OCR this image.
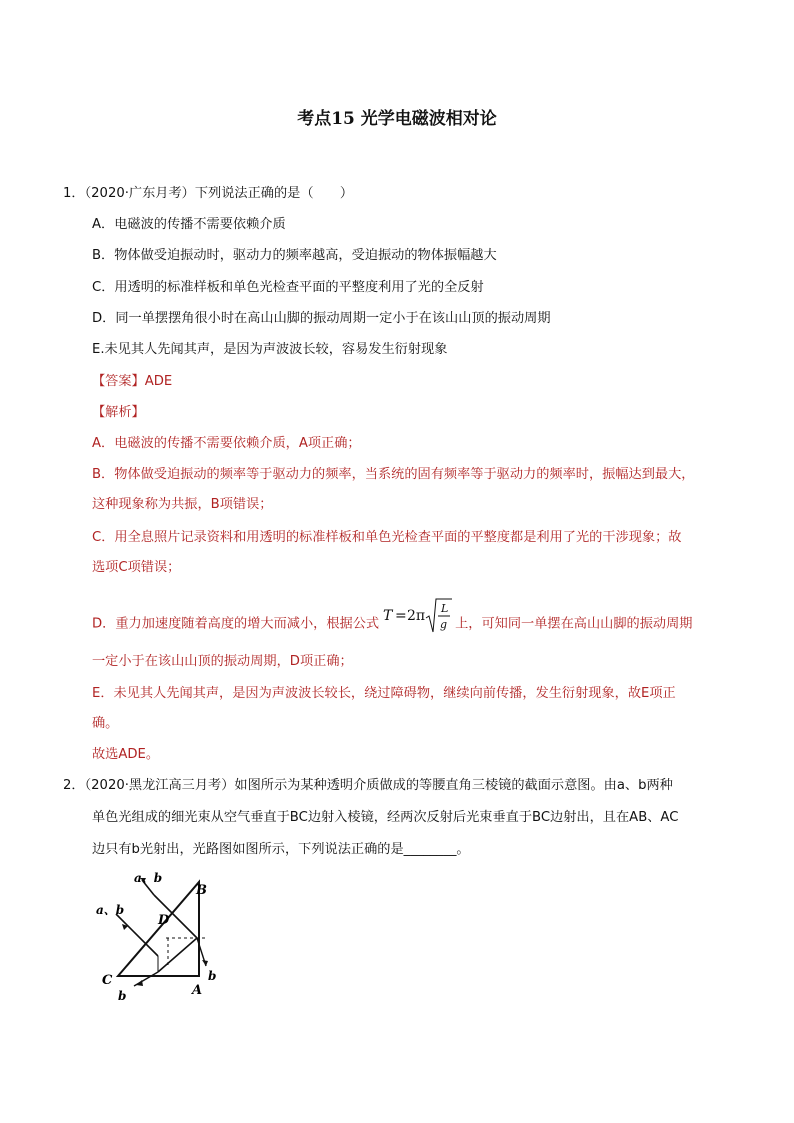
考点15 光学电磁波相对论
1．（2020·广东月考）下列说法正确的是（　　）
A．电磁波的传播不需要依赖介质
B．物体做受迫振动时，驱动力的频率越高，受迫振动的物体振幅越大
C．用透明的标准样板和单色光检查平面的平整度利用了光的全反射
D．同一单摆摆角很小时在高山山脚的振动周期一定小于在该山山顶的振动周期
E.未见其人先闻其声，是因为声波波长较，容易发生衍射现象
【答案】ADE
【解析】
A．电磁波的传播不需要依赖介质，A项正确；
B．物体做受迫振动的频率等于驱动力的频率，当系统的固有频率等于驱动力的频率时，振幅达到最大，
这种现象称为共振，B项错误；
C．用全息照片记录资料和用透明的标准样板和单色光检查平面的平整度都是利用了光的干涉现象；故
选项C项错误；
D．重力加速度随着高度的增大而减小，根据公式 T = 2π L
g 上，可知同一单摆在高山山脚的振动周期
一定小于在该山山顶的振动周期，D项正确；
E．未见其人先闻其声，是因为声波波长较长，绕过障碍物，继续向前传播，发生衍射现象，故E项正
确。
故选ADE。
2．（2020·黑龙江高三月考）如图所示为某种透明介质做成的等腰直角三棱镜的截面示意图。由a、b两种
单色光组成的细光束从空气垂直于BC边射入棱镜，经两次反射后光束垂直于BC边射出，且在AB、AC
边只有b光射出，光路图如图所示，下列说法正确的是________。
a、b
a、b
B
D
C
A
b
b
